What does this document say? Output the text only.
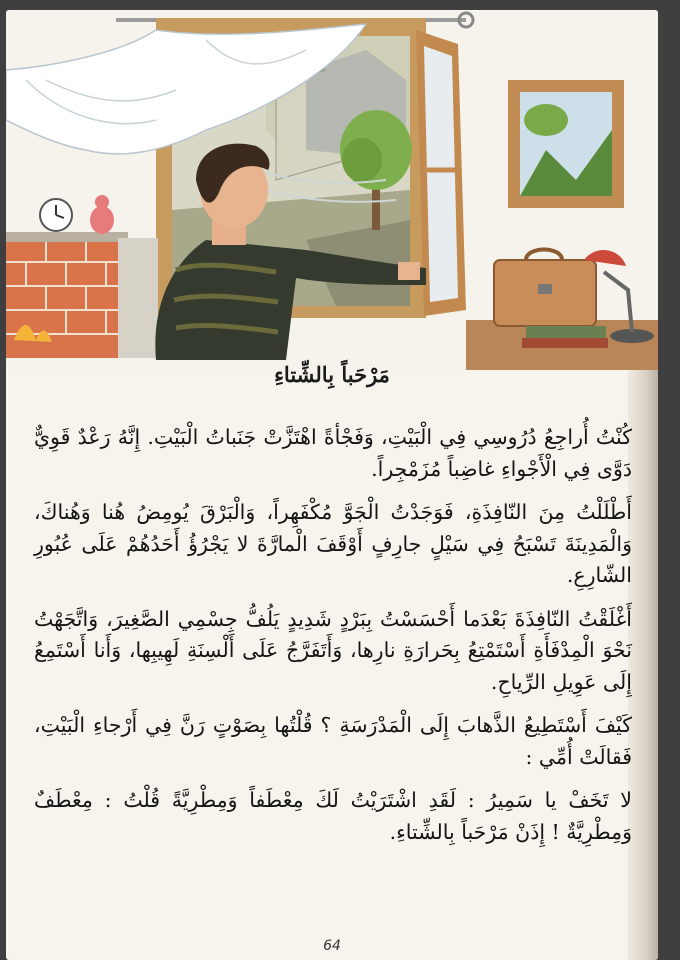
مَرْحَباً بِالشِّتاءِ

كُنْتُ أُراجِعُ دُرُوسِي فِي الْبَيْتِ، وَفَجْأةً اهْتَزَّتْ جَنَباتُ الْبَيْتِ. إِنَّهُ رَعْدٌ قَوِيٌّ دَوَّى فِي الْأَجْواءِ غاضِباً مُزَمْجِراً.

أَطْلَلْتُ مِنَ النّافِذَةِ، فَوَجَدْتُ الْجَوَّ مُكْفَهِراً، وَالْبَرْقَ يُومِضُ هُنا وَهُناكَ، وَالْمَدِينَةَ تَسْبَحُ فِي سَيْلٍ جارِفٍ أَوْقَفَ الْمارَّةَ لا يَجْرُؤُ أَحَدُهُمْ عَلَى عُبُورِ الشّارِعِ.

أَغْلَقْتُ النّافِذَةَ بَعْدَما أَحْسَسْتُ بِبَرْدٍ شَدِيدٍ يَلُفُّ جِسْمِي الصَّغِيرَ، وَاتَّجَهْتُ نَحْوَ الْمِدْفَأَةِ أَسْتَمْتِعُ بِحَرارَةِ نارِها، وَأَتَفَرَّجُ عَلَى أَلْسِنَةِ لَهِيبِها، وَأَنا أَسْتَمِعُ إِلَى عَوِيلِ الرِّياحِ.

كَيْفَ أَسْتَطِيعُ الذَّهابَ إِلَى الْمَدْرَسَةِ ؟ قُلْتُها بِصَوْتٍ رَنَّ فِي أَرْجاءِ الْبَيْتِ، فَقالَتْ أُمِّي :

لا تَخَفْ يا سَمِيرُ : لَقَدِ اشْتَرَيْتُ لَكَ مِعْطَفاً وَمِطْرِيَّةً قُلْتُ : مِعْطَفٌ وَمِطْرِيَّةٌ ! إِذَنْ مَرْحَباً بِالشِّتاءِ.

64
